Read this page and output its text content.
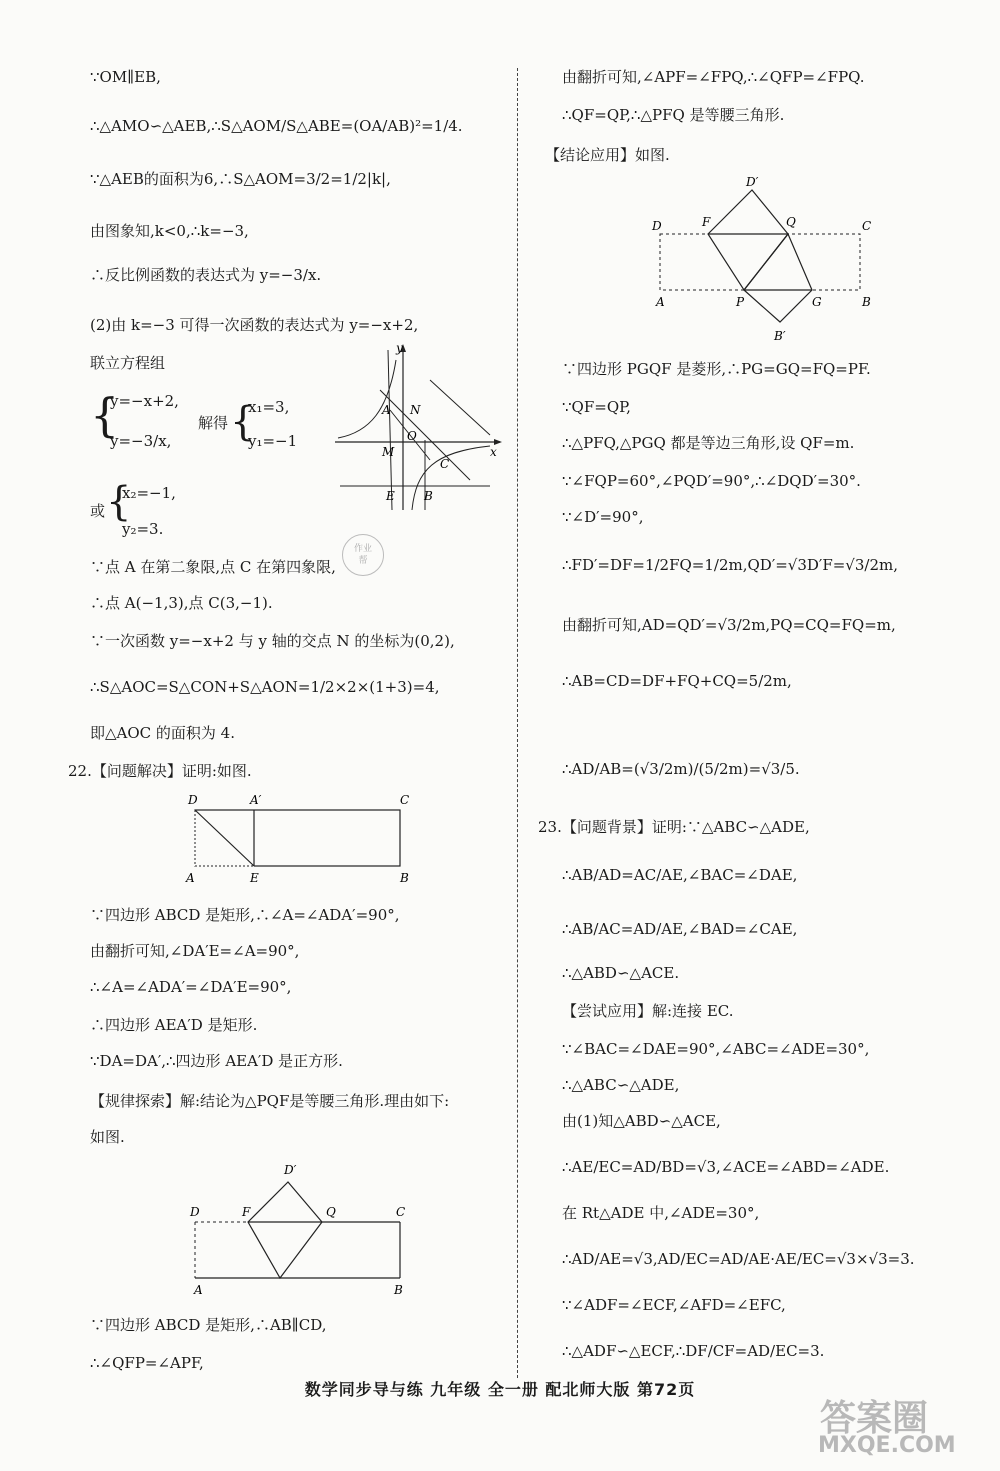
∵OM∥EB,
∴△AMO∽△AEB,∴S△AOM/S△ABE=(OA/AB)²=1/4.
∵△AEB的面积为6,∴S△AOM=3/2=1/2|k|,
由图象知,k<0,∴k=−3,
∴反比例函数的表达式为 y=−3/x.
(2)由 k=−3 可得一次函数的表达式为 y=−x+2,
联立方程组
{
y=−x+2,
y=−3/x,
解得 {
x₁=3,
y₁=−1
或 {
x₂=−1,
y₂=3.
y
x
A N
O
M
C
E B
作业
帮
∵点 A 在第二象限,点 C 在第四象限,
∴点 A(−1,3),点 C(3,−1).
∵一次函数 y=−x+2 与 y 轴的交点 N 的坐标为(0,2),
∴S△AOC=S△CON+S△AON=1/2×2×(1+3)=4,
即△AOC 的面积为 4.
22.【问题解决】证明:如图.
D	A′	C
A	E	B
∵四边形 ABCD 是矩形,∴∠A=∠ADA′=90°,
由翻折可知,∠DA′E=∠A=90°,
∴∠A=∠ADA′=∠DA′E=90°,
∴四边形 AEA′D 是矩形.
∵DA=DA′,∴四边形 AEA′D 是正方形.
【规律探索】解:结论为△PQF是等腰三角形.理由如下:
如图.
D′
D	F	Q	C
A	B
∵四边形 ABCD 是矩形,∴AB∥CD,
∴∠QFP=∠APF,
由翻折可知,∠APF=∠FPQ,∴∠QFP=∠FPQ.
∴QF=QP,∴△PFQ 是等腰三角形.
【结论应用】如图.
D′
D	F	Q	C
A	P	G	B
B′
∵四边形 PGQF 是菱形,∴PG=GQ=FQ=PF.
∵QF=QP,
∴△PFQ,△PGQ 都是等边三角形,设 QF=m.
∵∠FQP=60°,∠PQD′=90°,∴∠DQD′=30°.
∵∠D′=90°,
∴FD′=DF=1/2FQ=1/2m,QD′=√3D′F=√3/2m,
由翻折可知,AD=QD′=√3/2m,PQ=CQ=FQ=m,
∴AB=CD=DF+FQ+CQ=5/2m,
∴AD/AB=(√3/2m)/(5/2m)=√3/5.
23.【问题背景】证明:∵△ABC∽△ADE,
∴AB/AD=AC/AE,∠BAC=∠DAE,
∴AB/AC=AD/AE,∠BAD=∠CAE,
∴△ABD∽△ACE.
【尝试应用】解:连接 EC.
∵∠BAC=∠DAE=90°,∠ABC=∠ADE=30°,
∴△ABC∽△ADE,
由(1)知△ABD∽△ACE,
∴AE/EC=AD/BD=√3,∠ACE=∠ABD=∠ADE.
在 Rt△ADE 中,∠ADE=30°,
∴AD/AE=√3,AD/EC=AD/AE·AE/EC=√3×√3=3.
∵∠ADF=∠ECF,∠AFD=∠EFC,
∴△ADF∽△ECF,∴DF/CF=AD/EC=3.
数学同步导与练 九年级 全一册 配北师大版 第72页
答案圈
MXQE.COM
